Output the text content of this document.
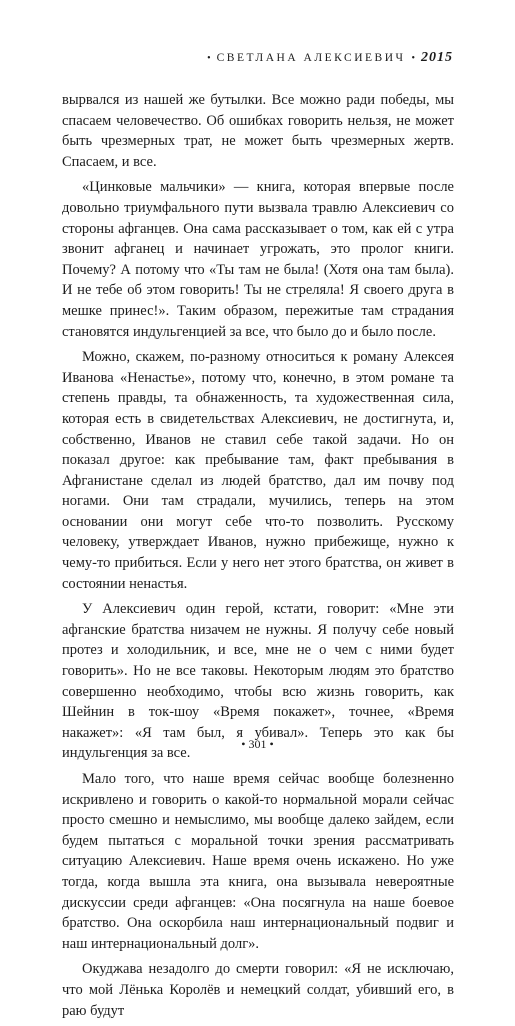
• СВЕТЛАНА АЛЕКСИЕВИЧ • 2015

вырвался из нашей же бутылки. Все можно ради победы, мы спасаем человечество. Об ошибках говорить нельзя, не может быть чрезмерных трат, не может быть чрезмерных жертв. Спасаем, и все.

«Цинковые мальчики» — книга, которая впервые после довольно триумфального пути вызвала травлю Алексиевич со стороны афганцев. Она сама рассказывает о том, как ей с утра звонит афганец и начинает угрожать, это пролог книги. Почему? А потому что «Ты там не была! (Хотя она там была). И не тебе об этом говорить! Ты не стреляла! Я своего друга в мешке принес!». Таким образом, пережитые там страдания становятся индульгенцией за все, что было до и было после.

Можно, скажем, по-разному относиться к роману Алексея Иванова «Ненастье», потому что, конечно, в этом романе та степень правды, та обнаженность, та художественная сила, которая есть в свидетельствах Алексиевич, не достигнута, и, собственно, Иванов не ставил себе такой задачи. Но он показал другое: как пребывание там, факт пребывания в Афганистане сделал из людей братство, дал им почву под ногами. Они там страдали, мучились, теперь на этом основании они могут себе что-то позволить. Русскому человеку, утверждает Иванов, нужно прибежище, нужно к чему-то прибиться. Если у него нет этого братства, он живет в состоянии ненастья.

У Алексиевич один герой, кстати, говорит: «Мне эти афганские братства низачем не нужны. Я получу себе новый протез и холодильник, и все, мне не о чем с ними будет говорить». Но не все таковы. Некоторым людям это братство совершенно необходимо, чтобы всю жизнь говорить, как Шейнин в ток-шоу «Время покажет», точнее, «Время накажет»: «Я там был, я убивал». Теперь это как бы индульгенция за все.

Мало того, что наше время сейчас вообще болезненно искривлено и говорить о какой-то нормальной морали сейчас просто смешно и немыслимо, мы вообще далеко зайдем, если будем пытаться с моральной точки зрения рассматривать ситуацию Алексиевич. Наше время очень искажено. Но уже тогда, когда вышла эта книга, она вызывала невероятные дискуссии среди афганцев: «Она посягнула на наше боевое братство. Она оскорбила наш интернациональный подвиг и наш интернациональный долг».

Окуджава незадолго до смерти говорил: «Я не исключаю, что мой Лёнька Королёв и немецкий солдат, убивший его, в раю будут

• 301 •
